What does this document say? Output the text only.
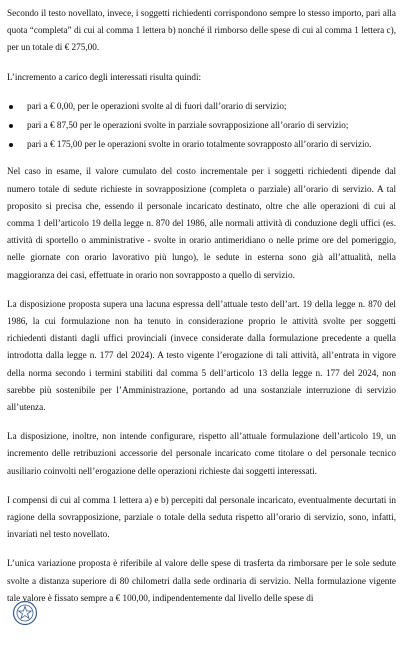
Secondo il testo novellato, invece, i soggetti richiedenti corrispondono sempre lo stesso importo, pari alla quota “completa” di cui al comma 1 lettera b) nonché il rimborso delle spese di cui al comma 1 lettera c), per un totale di € 275,00.

L’incremento a carico degli interessati risulta quindi:

pari a € 0,00, per le operazioni svolte al di fuori dall’orario di servizio;
pari a € 87,50 per le operazioni svolte in parziale sovrapposizione all’orario di servizio;
pari a € 175,00 per le operazioni svolte in orario totalmente sovrapposto all’orario di servizio.

Nel caso in esame, il valore cumulato del costo incrementale per i soggetti richiedenti dipende dal numero totale di sedute richieste in sovrapposizione (completa o parziale) all’orario di servizio. A tal proposito si precisa che, essendo il personale incaricato destinato, oltre che alle operazioni di cui al comma 1 dell’articolo 19 della legge n. 870 del 1986, alle normali attività di conduzione degli uffici (es. attività di sportello o amministrative - svolte in orario antimeridiano o nelle prime ore del pomeriggio, nelle giornate con orario lavorativo più lungo), le sedute in esterna sono già all’attualità, nella maggioranza dei casi, effettuate in orario non sovrapposto a quello di servizio.

La disposizione proposta supera una lacuna espressa dell’attuale testo dell’art. 19 della legge n. 870 del 1986, la cui formulazione non ha tenuto in considerazione proprio le attività svolte per soggetti richiedenti distanti dagli uffici provinciali (invece considerate dalla formulazione precedente a quella introdotta dalla legge n. 177 del 2024). A testo vigente l’erogazione di tali attività, all’entrata in vigore della norma secondo i termini stabiliti dal comma 5 dell’articolo 13 della legge n. 177 del 2024, non sarebbe più sostenibile per l’Amministrazione, portando ad una sostanziale interruzione di servizio all’utenza.

La disposizione, inoltre, non intende configurare, rispetto all’attuale formulazione dell’articolo 19, un incremento delle retribuzioni accessorie del personale incaricato come titolare o del personale tecnico ausiliario coinvolti nell’erogazione delle operazioni richieste dai soggetti interessati.

I compensi di cui al comma 1 lettera a) e b) percepiti dal personale incaricato, eventualmente decurtati in ragione della sovrapposizione, parziale o totale della seduta rispetto all’orario di servizio, sono, infatti, invariati nel testo novellato.

L’unica variazione proposta è riferibile al valore delle spese di trasferta da rimborsare per le sole sedute svolte a distanza superiore di 80 chilometri dalla sede ordinaria di servizio. Nella formulazione vigente tale valore è fissato sempre a € 100,00, indipendentemente dal livello delle spese di
